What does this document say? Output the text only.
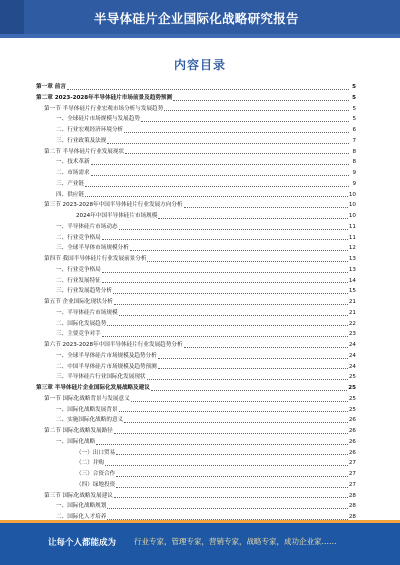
半导体硅片企业国际化战略研究报告
内容目录
第一章 前言	5
第二章 2023-2028年半导体硅片市场前景及趋势预测	5
第一节 半导体硅片行业宏观市场分析与发展趋势	5
一、全球硅片市场规模与发展趋势	5
二、行业宏观经济环境分析	6
三、行业政策及法规	7
第二节 半导体硅片行业发展现状	8
一、技术革新	8
二、市场需求	9
三、产业链	9
四、供应链	10
第三节 2023-2028年中国半导体硅片行业发展方向分析	10
2024年中国半导体硅片市场规模	10
一、半导体硅片市场动态	11
二、行业竞争格局	11
三、全球半导体市场规模分析	12
第四节 我国半导体硅片行业发展前景分析	13
一、行业竞争格局	13
二、行业发展特征	14
三、行业发展趋势分析	15
第五节 企业国际化现状分析	21
一、半导体硅片市场规模	21
二、国际化发展趋势	22
三、主要竞争对手	23
第六节 2023-2028年中国半导体硅片行业发展趋势分析	24
一、全球半导体硅片市场规模及趋势分析	24
二、中国半导体硅片市场规模及趋势预测	24
三、半导体硅片行业国际化发展现状	25
第三章 半导体硅片企业国际化发展战略及建议	25
第一节 国际化战略背景与发展意义	25
一、国际化战略发展背景	25
二、实施国际化战略的意义	26
第二节 国际化战略发展路径	26
一、国际化战略	26
（一）出口贸易	26
（二）并购	27
（三）合资合作	27
（四）绿地投资	27
第三节 国际化战略发展建议	28
一、国际化战略规划	28
二、国际化人才培养	28
让每个人都能成为 行业专家，管理专家，营销专家，战略专家，成功企业家……
